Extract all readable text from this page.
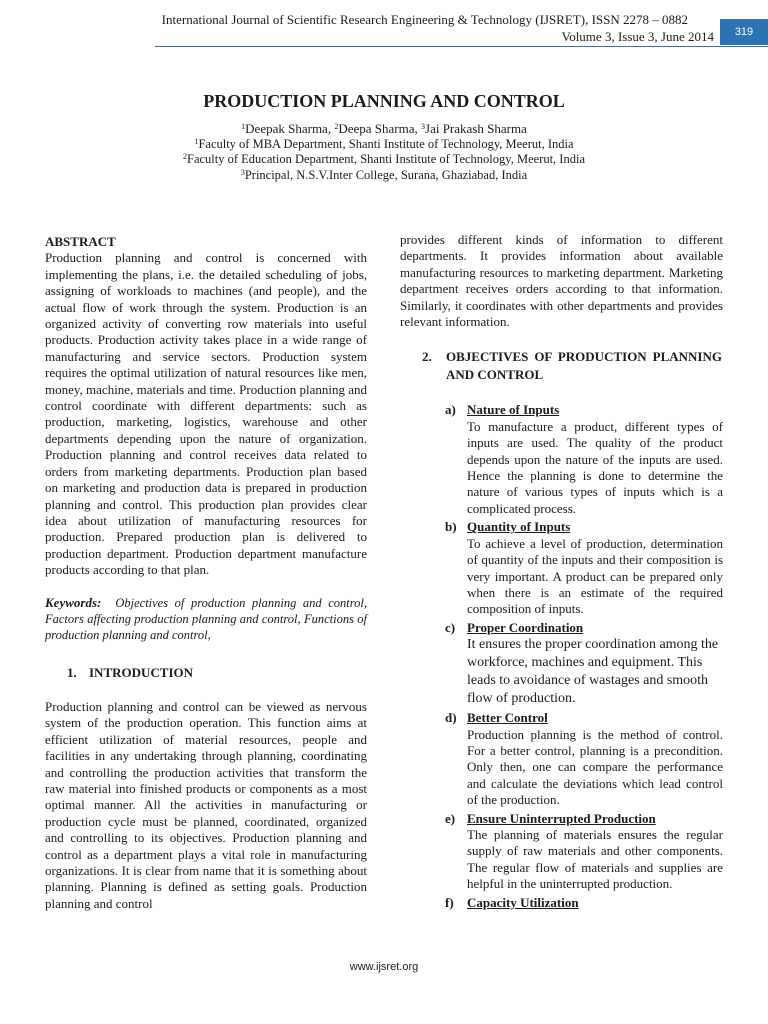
International Journal of Scientific Research Engineering & Technology (IJSRET), ISSN 2278 – 0882
Volume 3, Issue 3, June 2014	319
PRODUCTION PLANNING AND CONTROL
$^1$Deepak Sharma, $^2$Deepa Sharma, $^3$Jai Prakash Sharma
$^1$Faculty of MBA Department, Shanti Institute of Technology, Meerut, India
$^2$Faculty of Education Department, Shanti Institute of Technology, Meerut, India
$^3$Principal, N.S.V.Inter College, Surana, Ghaziabad, India
ABSTRACT

Production planning and control is concerned with implementing the plans, i.e. the detailed scheduling of jobs, assigning of workloads to machines (and people), and the actual flow of work through the system. Production is an organized activity of converting row materials into useful products. Production activity takes place in a wide range of manufacturing and service sectors. Production system requires the optimal utilization of natural resources like men, money, machine, materials and time. Production planning and control coordinate with different departments: such as production, marketing, logistics, warehouse and other departments depending upon the nature of organization. Production planning and control receives data related to orders from marketing departments. Production plan based on marketing and production data is prepared in production planning and control. This production plan provides clear idea about utilization of manufacturing resources for production. Prepared production plan is delivered to production department. Production department manufacture products according to that plan.

Keywords: Objectives of production planning and control, Factors affecting production planning and control, Functions of production planning and control,
1. INTRODUCTION

Production planning and control can be viewed as nervous system of the production operation. This function aims at efficient utilization of material resources, people and facilities in any undertaking through planning, coordinating and controlling the production activities that transform the raw material into finished products or components as a most optimal manner. All the activities in manufacturing or production cycle must be planned, coordinated, organized and controlling to its objectives. Production planning and control as a department plays a vital role in manufacturing organizations. It is clear from name that it is something about planning. Planning is defined as setting goals. Production planning and control

provides different kinds of information to different departments. It provides information about available manufacturing resources to marketing department. Marketing department receives orders according to that information. Similarly, it coordinates with other departments and provides relevant information.

2.	OBJECTIVES OF PRODUCTION PLANNING AND CONTROL
a) Nature of Inputs
To manufacture a product, different types of inputs are used. The quality of the product depends upon the nature of the inputs are used. Hence the planning is done to determine the nature of various types of inputs which is a complicated process.
b) Quantity of Inputs
To achieve a level of production, determination of quantity of the inputs and their composition is very important. A product can be prepared only when there is an estimate of the required composition of inputs.
c) Proper Coordination
It ensures the proper coordination among the workforce, machines and equipment. This leads to avoidance of wastages and smooth flow of production.
d) Better Control
Production planning is the method of control. For a better control, planning is a precondition. Only then, one can compare the performance and calculate the deviations which lead control of the production.
e) Ensure Uninterrupted Production
The planning of materials ensures the regular supply of raw materials and other components. The regular flow of materials and supplies are helpful in the uninterrupted production.
f) Capacity Utilization
www.ijsret.org
